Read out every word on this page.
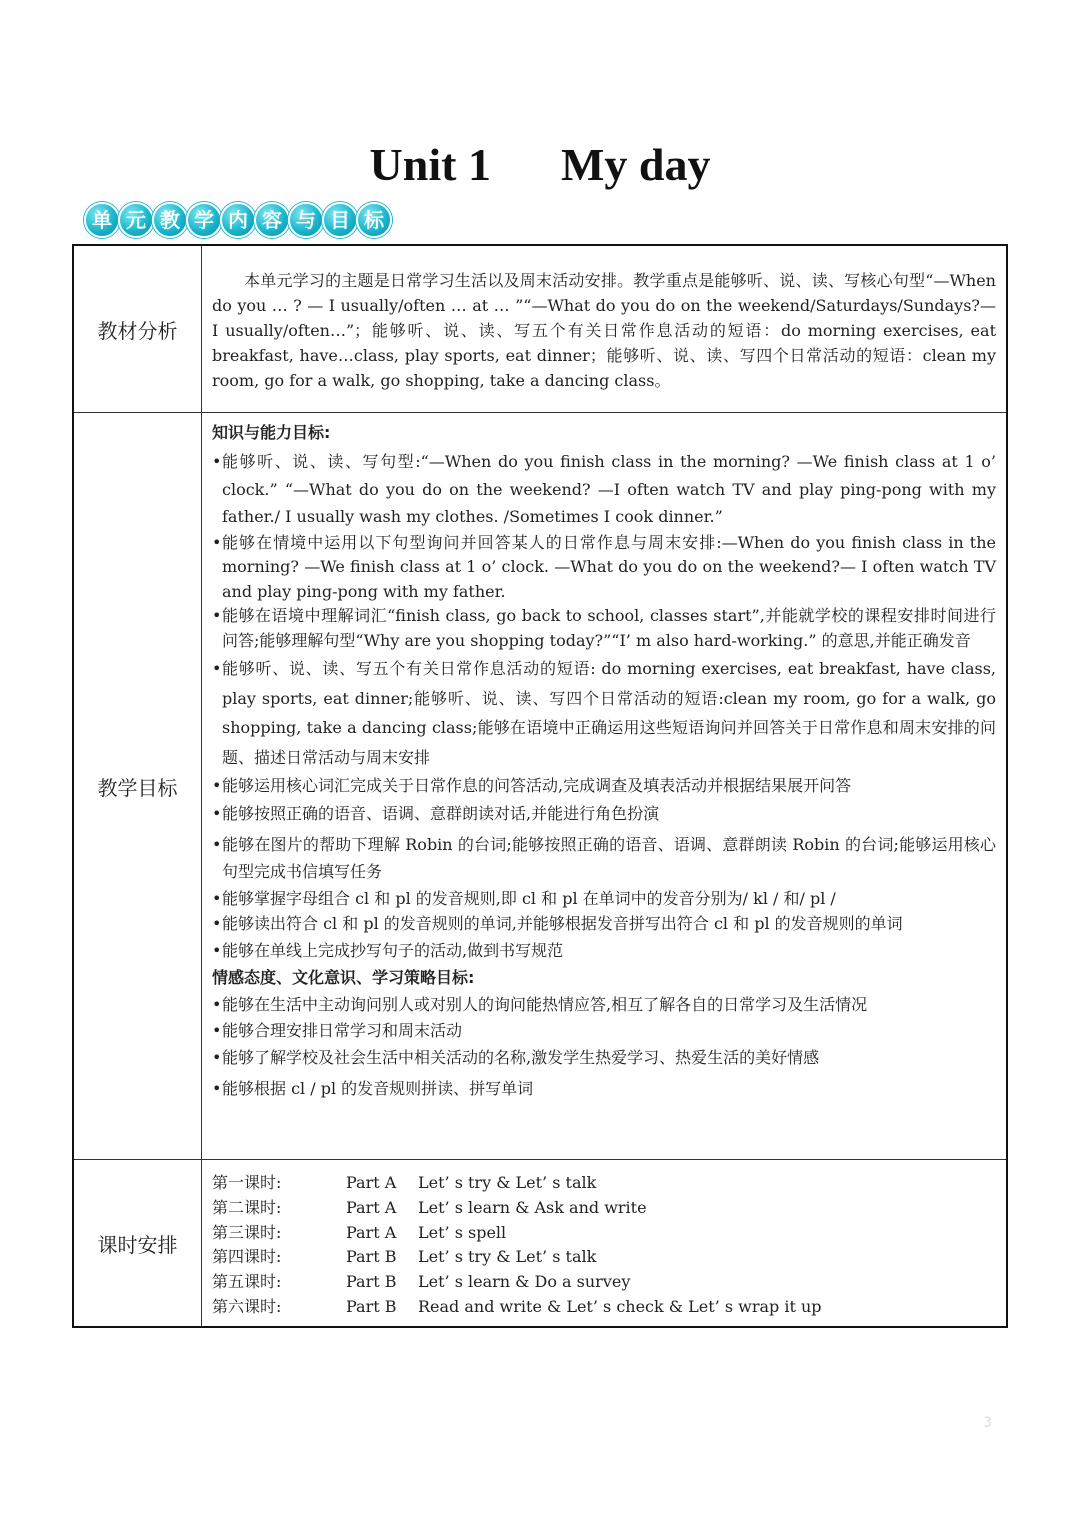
Unit 1 My day
单 元 教 学 内 容 与 目 标
教材分析
本单元学习的主题是日常学习生活以及周末活动安排。教学重点是能够听、说、读、写核心句型“—When do you … ? — I usually/often … at … ”“—What do you do on the weekend/Saturdays/Sundays?—I usually/often…”；能够听、说、读、写五个有关日常作息活动的短语：do morning exercises, eat breakfast, have…class, play sports, eat dinner；能够听、说、读、写四个日常活动的短语：clean my room, go for a walk, go shopping, take a dancing class。
教学目标
知识与能力目标:
• 能够听、说、读、写句型:“—When do you finish class in the morning? —We finish class at 1 o’ clock.” “—What do you do on the weekend? —I often watch TV and play ping-pong with my father./ I usually wash my clothes. /Sometimes I cook dinner.”
• 能够在情境中运用以下句型询问并回答某人的日常作息与周末安排:—When do you finish class in the morning? —We finish class at 1 o’ clock. —What do you do on the weekend?— I often watch TV and play ping-pong with my father.
• 能够在语境中理解词汇“finish class, go back to school, classes start”,并能就学校的课程安排时间进行问答;能够理解句型“Why are you shopping today?”“I’ m also hard-working.” 的意思,并能正确发音
• 能够听、说、读、写五个有关日常作息活动的短语: do morning exercises, eat breakfast, have class, play sports, eat dinner;能够听、说、读、写四个日常活动的短语:clean my room, go for a walk, go shopping, take a dancing class;能够在语境中正确运用这些短语询问并回答关于日常作息和周末安排的问题、描述日常活动与周末安排
• 能够运用核心词汇完成关于日常作息的问答活动,完成调查及填表活动并根据结果展开问答
• 能够按照正确的语音、语调、意群朗读对话,并能进行角色扮演
• 能够在图片的帮助下理解 Robin 的台词;能够按照正确的语音、语调、意群朗读 Robin 的台词;能够运用核心句型完成书信填写任务
• 能够掌握字母组合 cl 和 pl 的发音规则,即 cl 和 pl 在单词中的发音分别为/ kl / 和/ pl /
• 能够读出符合 cl 和 pl 的发音规则的单词,并能够根据发音拼写出符合 cl 和 pl 的发音规则的单词
• 能够在单线上完成抄写句子的活动,做到书写规范
情感态度、文化意识、学习策略目标:
• 能够在生活中主动询问别人或对别人的询问能热情应答,相互了解各自的日常学习及生活情况
• 能够合理安排日常学习和周末活动
• 能够了解学校及社会生活中相关活动的名称,激发学生热爱学习、热爱生活的美好情感
• 能够根据 cl / pl 的发音规则拼读、拼写单词
课时安排
第一课时:	Part A Let’ s try & Let’ s talk
第二课时:	Part A Let’ s learn & Ask and write
第三课时:	Part A Let’ s spell
第四课时:	Part B Let’ s try & Let’ s talk
第五课时:	Part B Let’ s learn & Do a survey
第六课时:	Part B Read and write & Let’ s check & Let’ s wrap it up
3
